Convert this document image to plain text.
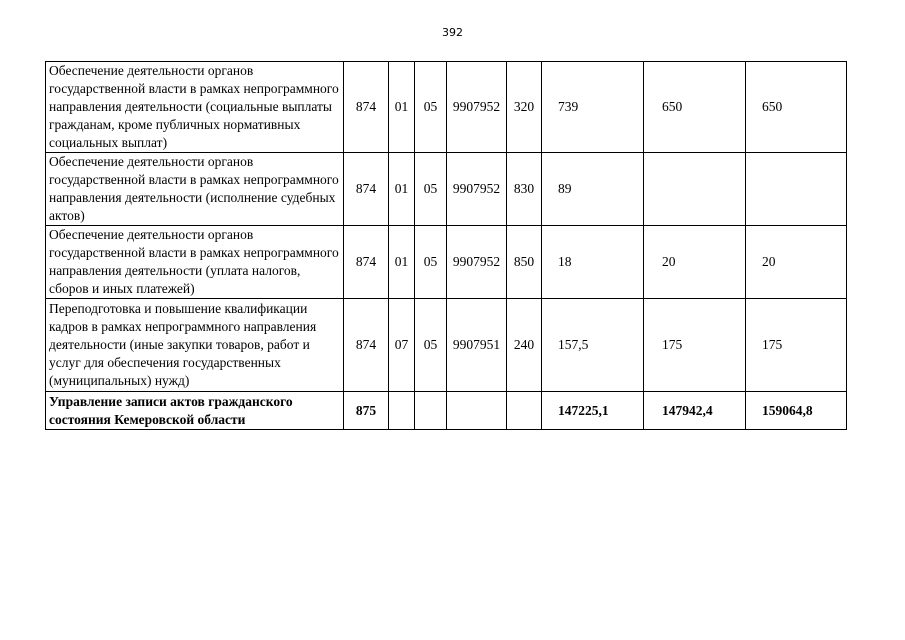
392
Обеспечение деятельности органов государственной власти в рамках непрограммного направления деятельности (социальные выплаты гражданам, кроме публичных нормативных социальных выплат)	874	01	05	9907952	320	739	650	650
Обеспечение деятельности органов государственной власти в рамках непрограммного направления деятельности (исполнение судебных актов)	874	01	05	9907952	830	89		
Обеспечение деятельности органов государственной власти в рамках непрограммного направления деятельности (уплата налогов, сборов и иных платежей)	874	01	05	9907952	850	18	20	20
Переподготовка и повышение квалификации кадров в рамках непрограммного направления деятельности (иные закупки товаров, работ и услуг для обеспечения государственных (муниципальных) нужд)	874	07	05	9907951	240	157,5	175	175
Управление записи актов гражданского состояния Кемеровской области	875					147225,1	147942,4	159064,8
